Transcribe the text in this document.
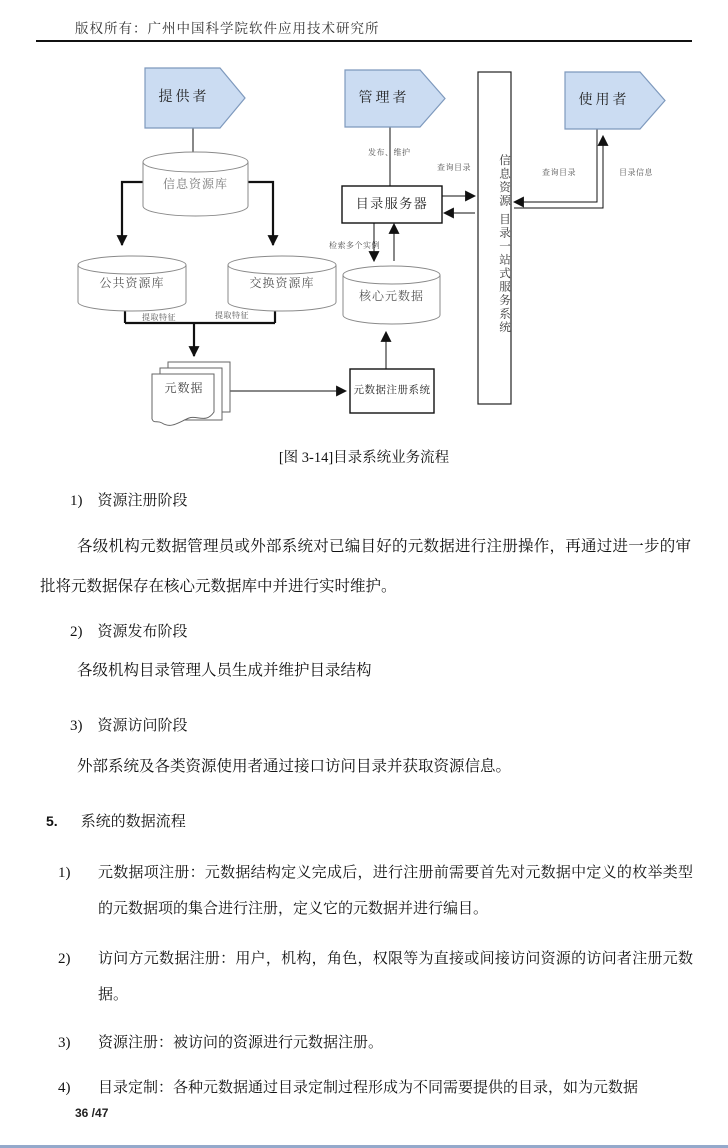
版权所有：广州中国科学院软件应用技术研究所
提供者	管理者	使用者
信息资源库
公共资源库	交换资源库
核心元数据
目录服务器
元数据注册系统
元数据
信息资源 目录一站式服务系统
发布、维护
查询目录
检索多个实例
提取特征	提取特征
查询目录	目录信息
[图 3-14]目录系统业务流程
1) 资源注册阶段

各级机构元数据管理员或外部系统对已编目好的元数据进行注册操作，再通过进一步的审批将元数据保存在核心元数据库中并进行实时维护。

2) 资源发布阶段

各级机构目录管理人员生成并维护目录结构

3) 资源访问阶段

外部系统及各类资源使用者通过接口访问目录并获取资源信息。

5. 系统的数据流程
1)	元数据项注册：元数据结构定义完成后，进行注册前需要首先对元数据中定义的枚举类型的元数据项的集合进行注册，定义它的元数据并进行编目。
2)	访问方元数据注册：用户，机构，角色，权限等为直接或间接访问资源的访问者注册元数据。
3)	资源注册：被访问的资源进行元数据注册。
4)	目录定制：各种元数据通过目录定制过程形成为不同需要提供的目录，如为元数据
36 /47
